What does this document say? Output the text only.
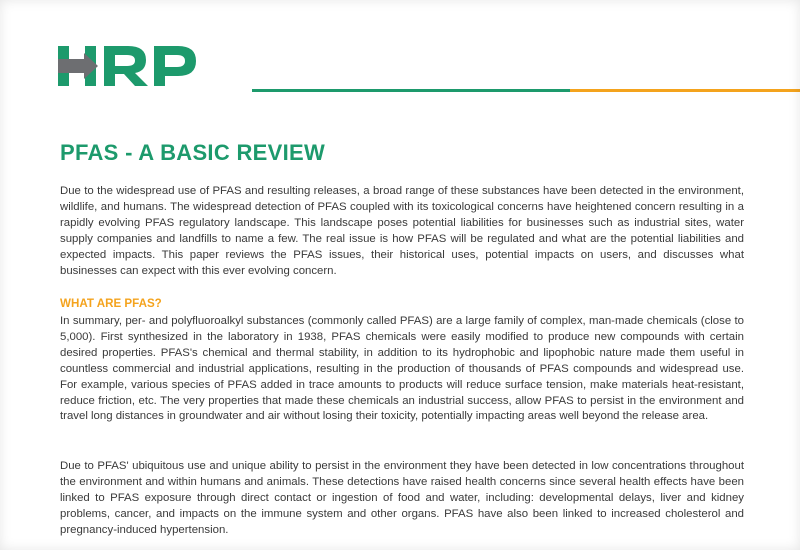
PFAS - A BASIC REVIEW

Due to the widespread use of PFAS and resulting releases, a broad range of these substances have been detected in the environment, wildlife, and humans. The widespread detection of PFAS coupled with its toxicological concerns have heightened concern resulting in a rapidly evolving PFAS regulatory landscape. This landscape poses potential liabilities for businesses such as industrial sites, water supply companies and landfills to name a few. The real issue is how PFAS will be regulated and what are the potential liabilities and expected impacts. This paper reviews the PFAS issues, their historical uses, potential impacts on users, and discusses what businesses can expect with this ever evolving concern.

WHAT ARE PFAS?

In summary, per- and polyfluoroalkyl substances (commonly called PFAS) are a large family of complex, man-made chemicals (close to 5,000). First synthesized in the laboratory in 1938, PFAS chemicals were easily modified to produce new compounds with certain desired properties. PFAS's chemical and thermal stability, in addition to its hydrophobic and lipophobic nature made them useful in countless commercial and industrial applications, resulting in the production of thousands of PFAS compounds and widespread use. For example, various species of PFAS added in trace amounts to products will reduce surface tension, make materials heat-resistant, reduce friction, etc. The very properties that made these chemicals an industrial success, allow PFAS to persist in the environment and travel long distances in groundwater and air without losing their toxicity, potentially impacting areas well beyond the release area.

Due to PFAS' ubiquitous use and unique ability to persist in the environment they have been detected in low concentrations throughout the environment and within humans and animals. These detections have raised health concerns since several health effects have been linked to PFAS exposure through direct contact or ingestion of food and water, including: developmental delays, liver and kidney problems, cancer, and impacts on the immune system and other organs. PFAS have also been linked to increased cholesterol and pregnancy-induced hypertension.
